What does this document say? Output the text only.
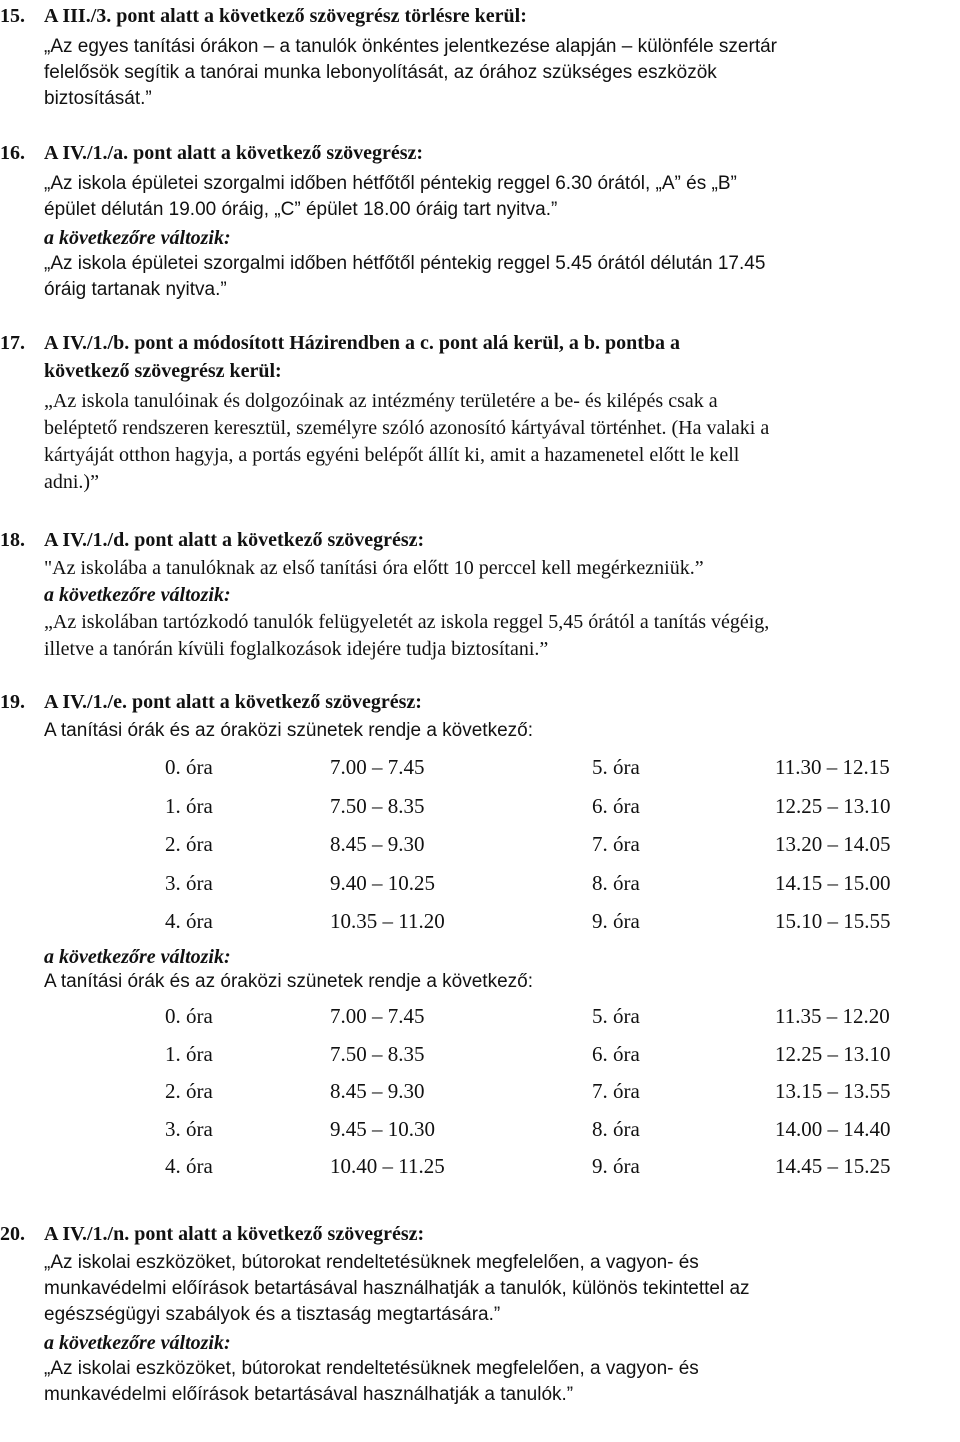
15. A III./3. pont alatt a következő szövegrész törlésre kerül:
„Az egyes tanítási órákon – a tanulók önkéntes jelentkezése alapján – különféle szertár
felelősök segítik a tanórai munka lebonyolítását, az órához szükséges eszközök
biztosítását.”
16. A IV./1./a. pont alatt a következő szövegrész:
„Az iskola épületei szorgalmi időben hétfőtől péntekig reggel 6.30 órától, „A” és „B”
épület délután 19.00 óráig, „C” épület 18.00 óráig tart nyitva.”
a következőre változik:
„Az iskola épületei szorgalmi időben hétfőtől péntekig reggel 5.45 órától délután 17.45
óráig tartanak nyitva.”
17. A IV./1./b. pont a módosított Házirendben a c. pont alá kerül, a b. pontba a
következő szövegrész kerül:
„Az iskola tanulóinak és dolgozóinak az intézmény területére a be- és kilépés csak a
beléptető rendszeren keresztül, személyre szóló azonosító kártyával történhet. (Ha valaki a
kártyáját otthon hagyja, a portás egyéni belépőt állít ki, amit a hazamenetel előtt le kell
adni.)”
18. A IV./1./d. pont alatt a következő szövegrész:
"Az iskolába a tanulóknak az első tanítási óra előtt 10 perccel kell megérkezniük.”
a következőre változik:
„Az iskolában tartózkodó tanulók felügyeletét az iskola reggel 5,45 órától a tanítás végéig,
illetve a tanórán kívüli foglalkozások idejére tudja biztosítani.”
19. A IV./1./e. pont alatt a következő szövegrész:
A tanítási órák és az óraközi szünetek rendje a következő:
0. óra	7.00 – 7.45	5. óra	11.30 – 12.15
1. óra	7.50 – 8.35	6. óra	12.25 – 13.10
2. óra	8.45 – 9.30	7. óra	13.20 – 14.05
3. óra	9.40 – 10.25	8. óra	14.15 – 15.00
4. óra	10.35 – 11.20	9. óra	15.10 – 15.55
a következőre változik:
A tanítási órák és az óraközi szünetek rendje a következő:
0. óra	7.00 – 7.45	5. óra	11.35 – 12.20
1. óra	7.50 – 8.35	6. óra	12.25 – 13.10
2. óra	8.45 – 9.30	7. óra	13.15 – 13.55
3. óra	9.45 – 10.30	8. óra	14.00 – 14.40
4. óra	10.40 – 11.25	9. óra	14.45 – 15.25
20. A IV./1./n. pont alatt a következő szövegrész:
„Az iskolai eszközöket, bútorokat rendeltetésüknek megfelelően, a vagyon- és
munkavédelmi előírások betartásával használhatják a tanulók, különös tekintettel az
egészségügyi szabályok és a tisztaság megtartására.”
a következőre változik:
„Az iskolai eszközöket, bútorokat rendeltetésüknek megfelelően, a vagyon- és
munkavédelmi előírások betartásával használhatják a tanulók.”
